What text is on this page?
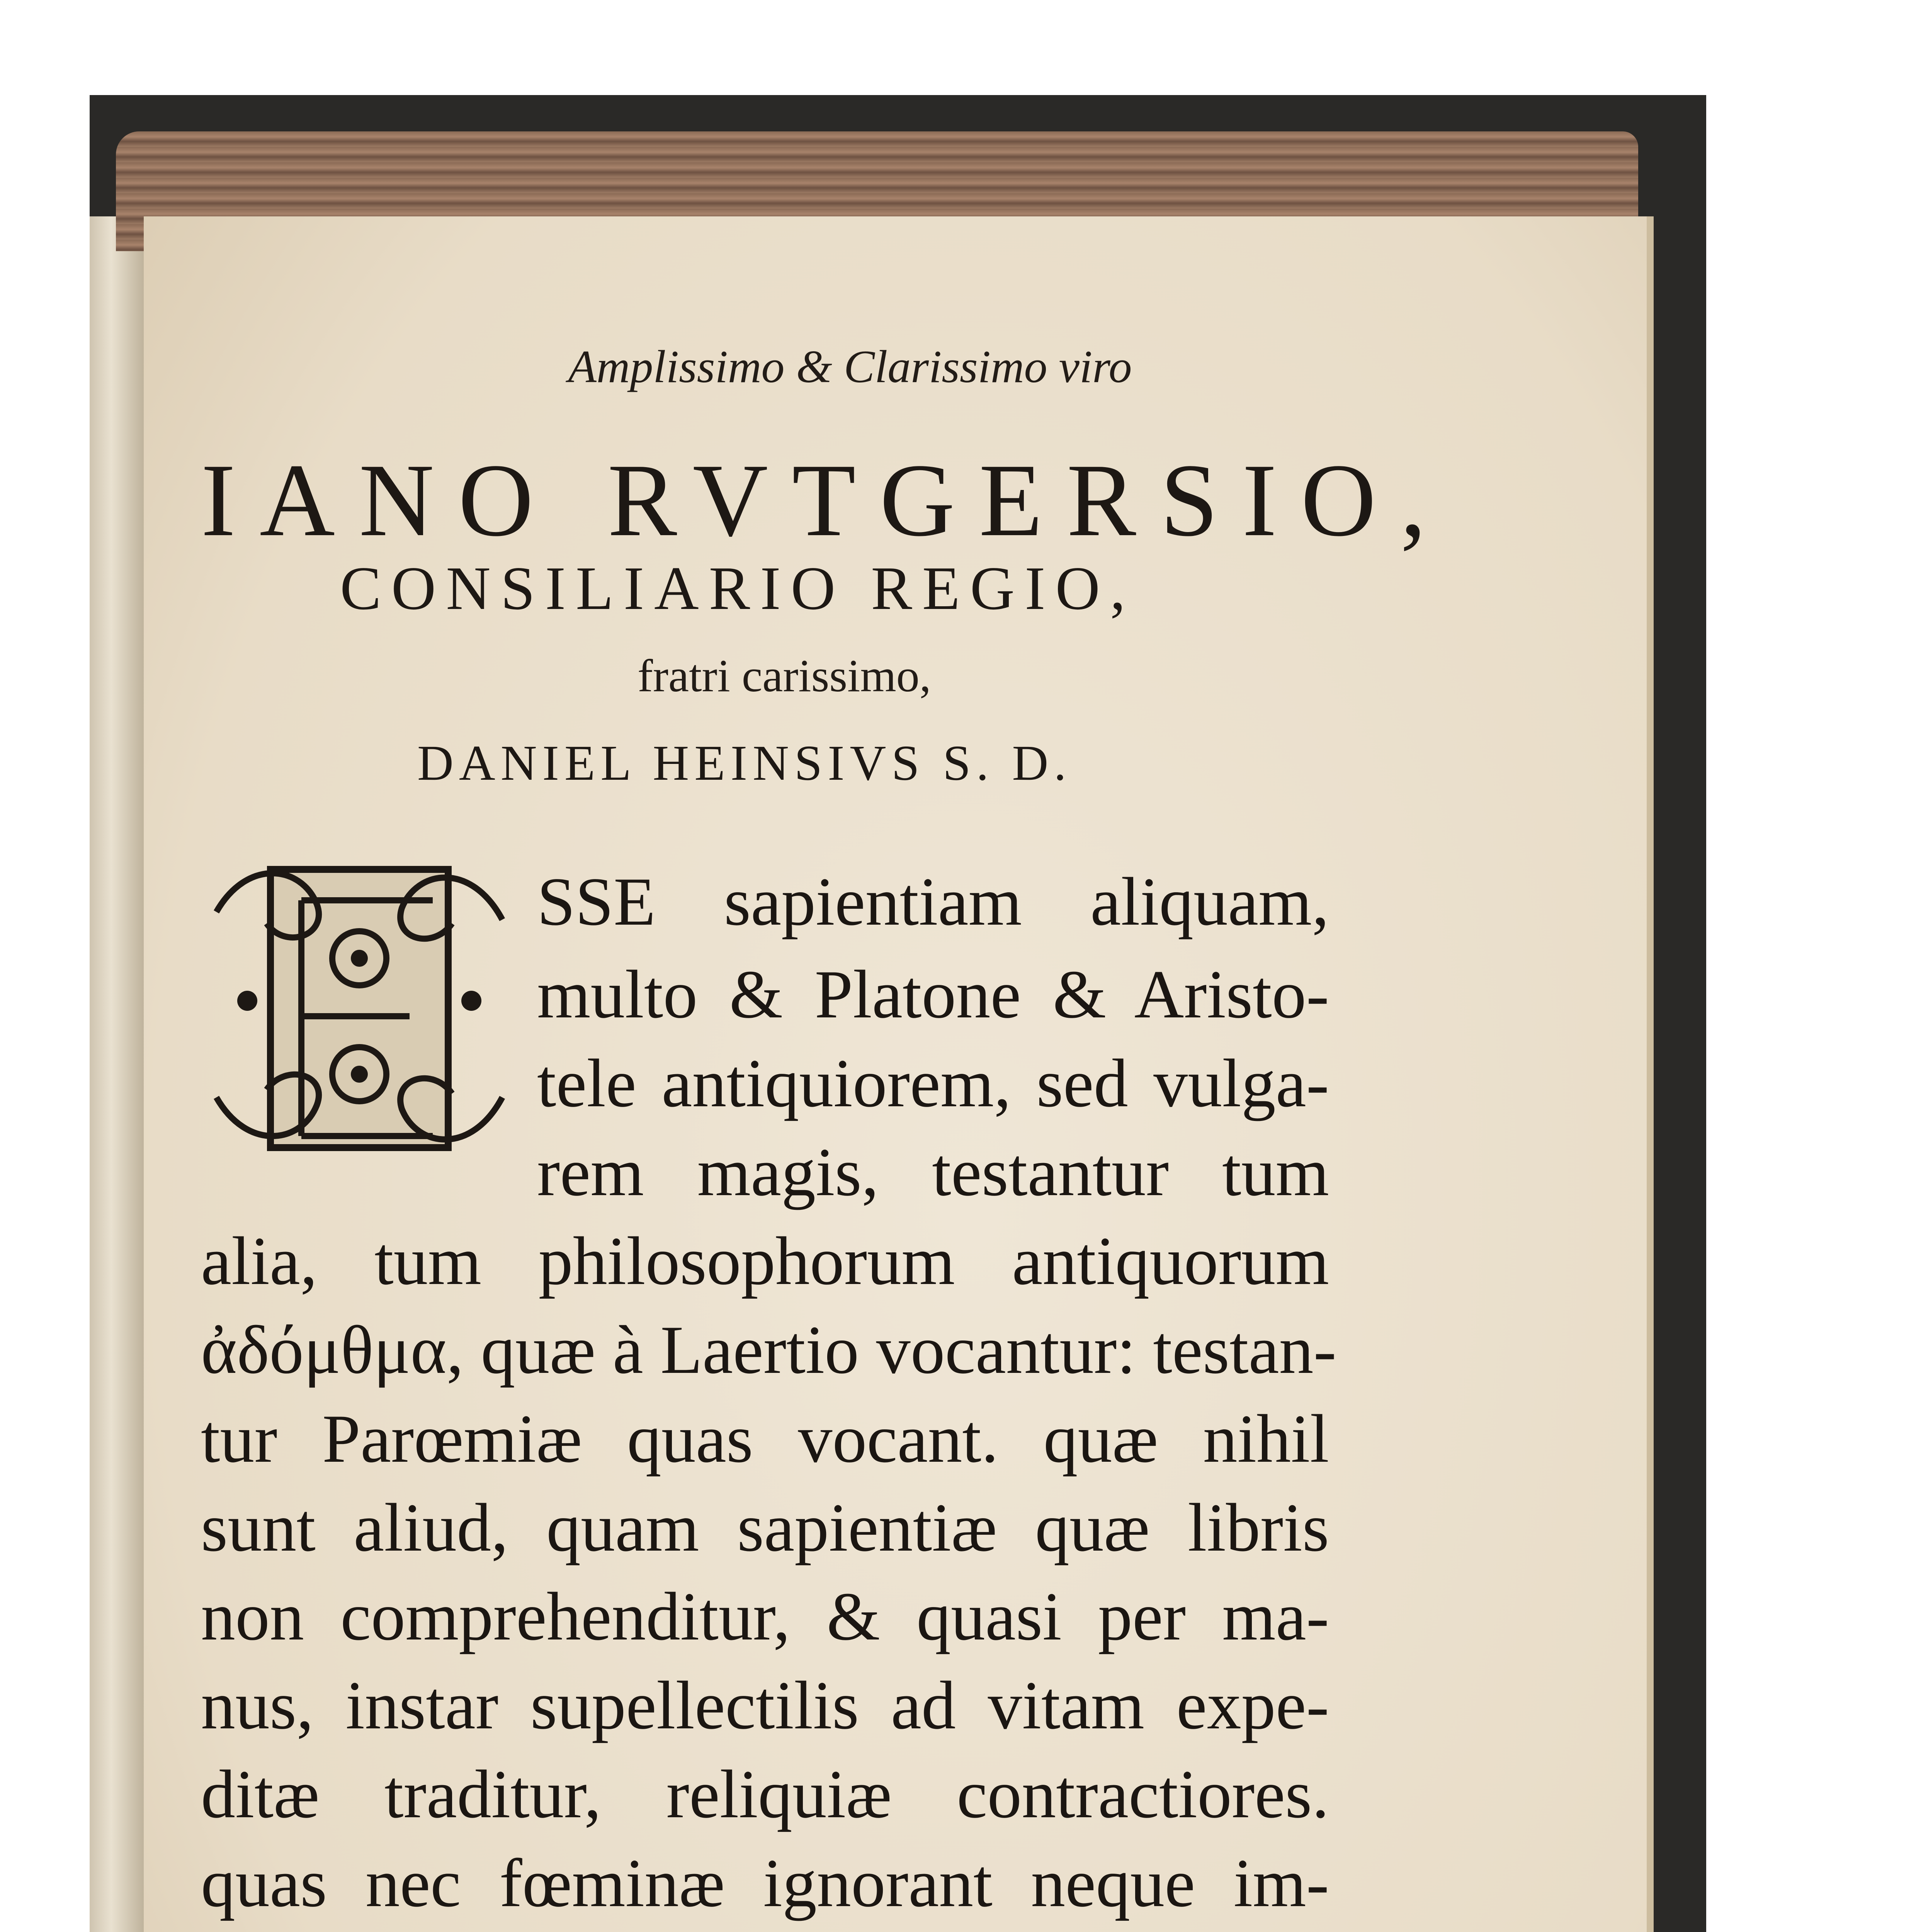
Amplissimo & Clarissimo viro
IANO RVTGERSIO,
CONSILIARIO REGIO,
fratri carissimo,
DANIEL HEINSIVS S. D.
SSE sapientiam aliquam,
multo & Platone & Aristo-
tele antiquiorem, sed vulga-
rem magis, testantur tum
alia, tum philosophorum antiquorum
ἀδόμθμα, quæ à Laertio vocantur: testan-
tur Parœmiæ quas vocant. quæ nihil
sunt aliud, quam sapientiæ quæ libris
non comprehenditur, & quasi per ma-
nus, instar supellectilis ad vitam expe-
ditæ traditur, reliquiæ contractiores.
quas nec fœminæ ignorant neque im-
